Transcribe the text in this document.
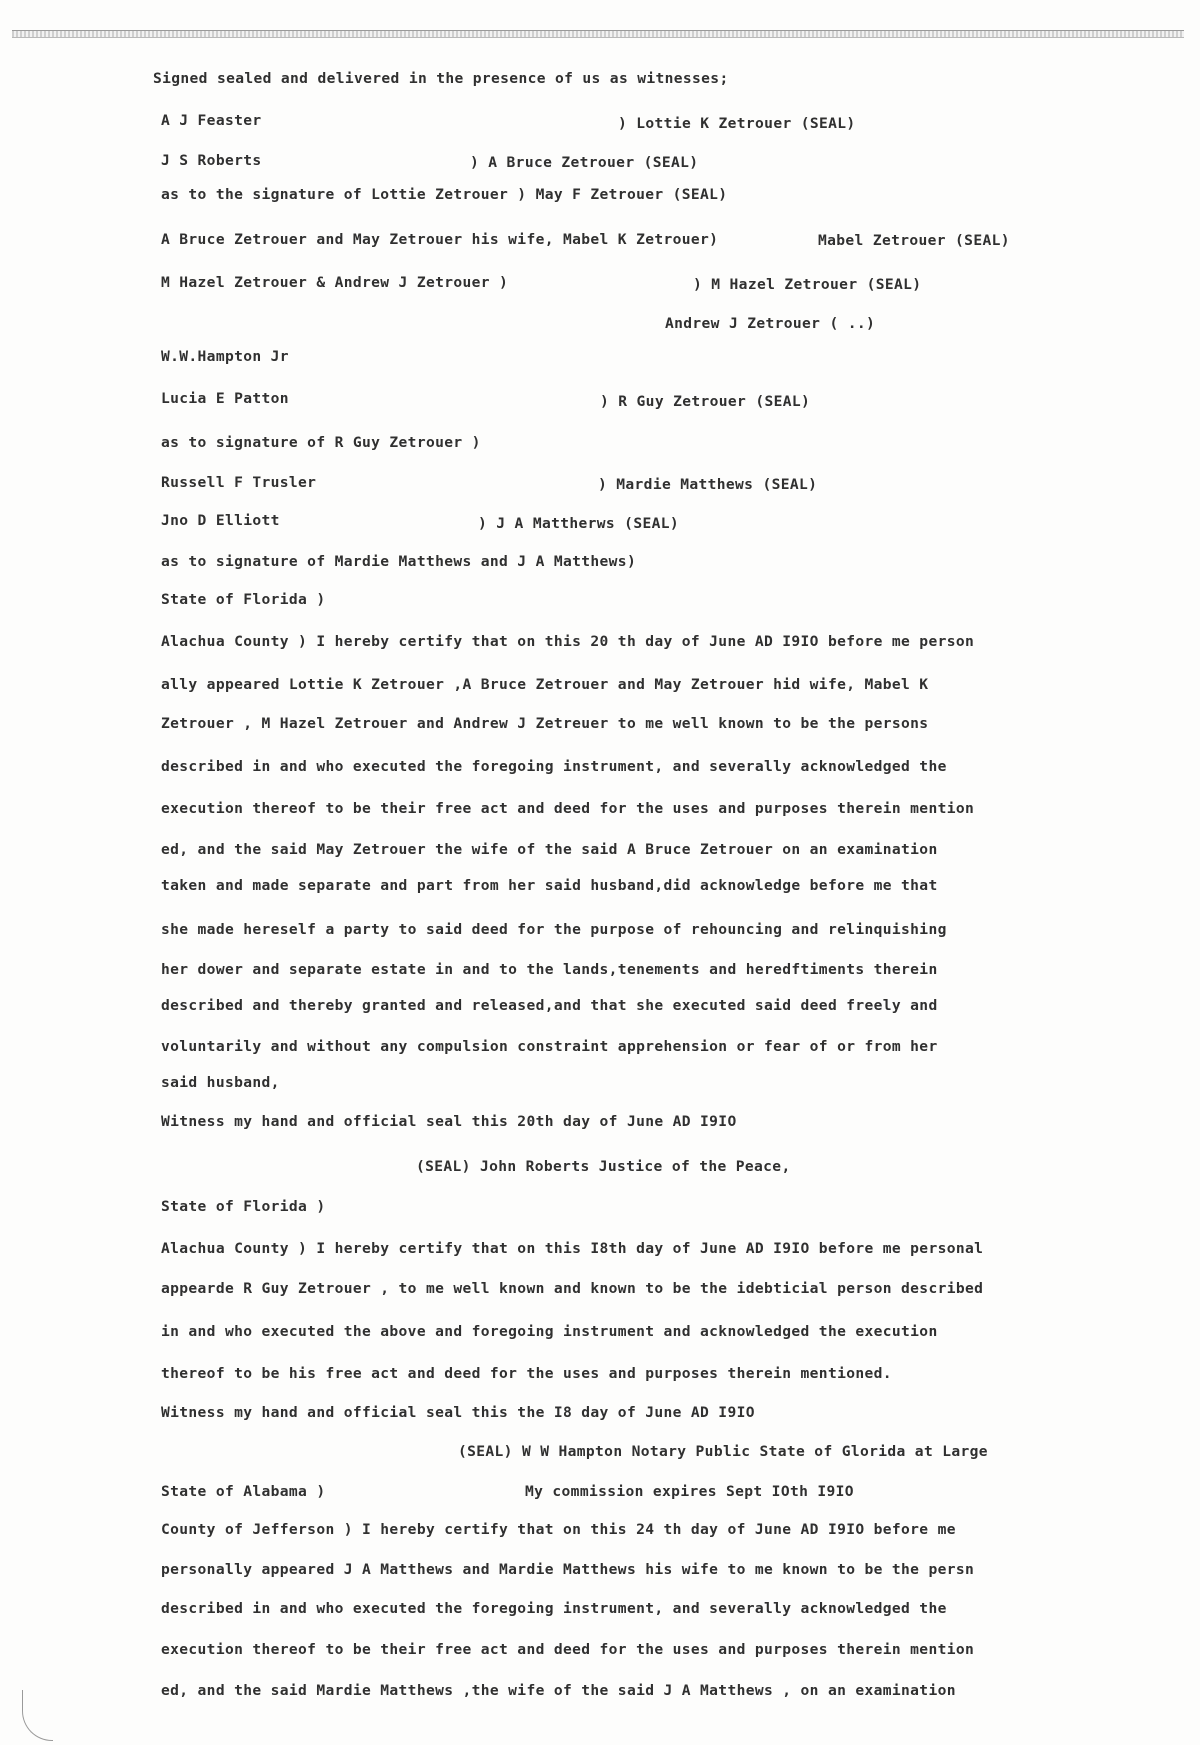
Signed sealed and delivered in the presence of us as witnesses;
A J Feaster	) Lottie K Zetrouer (SEAL)
J S Roberts	) A Bruce Zetrouer (SEAL)
as to the signature of Lottie Zetrouer ) May F Zetrouer (SEAL)
A Bruce Zetrouer and May Zetrouer his wife, Mabel K Zetrouer)	Mabel Zetrouer (SEAL)
M Hazel Zetrouer & Andrew J Zetrouer )	) M Hazel Zetrouer (SEAL)
Andrew J Zetrouer ( ..)
W.W.Hampton Jr
Lucia E Patton	) R Guy Zetrouer (SEAL)
as to signature of R Guy Zetrouer )
Russell F Trusler	) Mardie Matthews (SEAL)
Jno D Elliott	) J A Mattherws (SEAL)
as to signature of Mardie Matthews and J A Matthews)
State of Florida )
Alachua County ) I hereby certify that on this 20 th day of June AD I9IO before me person
ally appeared Lottie K Zetrouer ,A Bruce Zetrouer and May Zetrouer hid wife, Mabel K
Zetrouer , M Hazel Zetrouer and Andrew J Zetreuer to me well known to be the persons
described in and who executed the foregoing instrument, and severally acknowledged the
execution thereof to be their free act and deed for the uses and purposes therein mention
ed, and the said May Zetrouer the wife of the said A Bruce Zetrouer on an examination
taken and made separate and part from her said husband,did acknowledge before me that
she made hereself a party to said deed for the purpose of rehouncing and relinquishing
her dower and separate estate in and to the lands,tenements and heredftiments therein
described and thereby granted and released,and that she executed said deed freely and
voluntarily and without any compulsion constraint apprehension or fear of or from her
said husband,
Witness my hand and official seal this 20th day of June AD I9IO
(SEAL) John Roberts Justice of the Peace,
State of Florida )
Alachua County ) I hereby certify that on this I8th day of June AD I9IO before me personal
appearde R Guy Zetrouer , to me well known and known to be the idebticial person described
in and who executed the above and foregoing instrument and acknowledged the execution
thereof to be his free act and deed for the uses and purposes therein mentioned.
Witness my hand and official seal this the I8 day of June AD I9IO
(SEAL) W W Hampton Notary Public State of Glorida at Large
State of Alabama )	My commission expires Sept IOth I9IO
County of Jefferson ) I hereby certify that on this 24 th day of June AD I9IO before me
personally appeared J A Matthews and Mardie Matthews his wife to me known to be the persn
described in and who executed the foregoing instrument, and severally acknowledged the
execution thereof to be their free act and deed for the uses and purposes therein mention
ed, and the said Mardie Matthews ,the wife of the said J A Matthews , on an examination
